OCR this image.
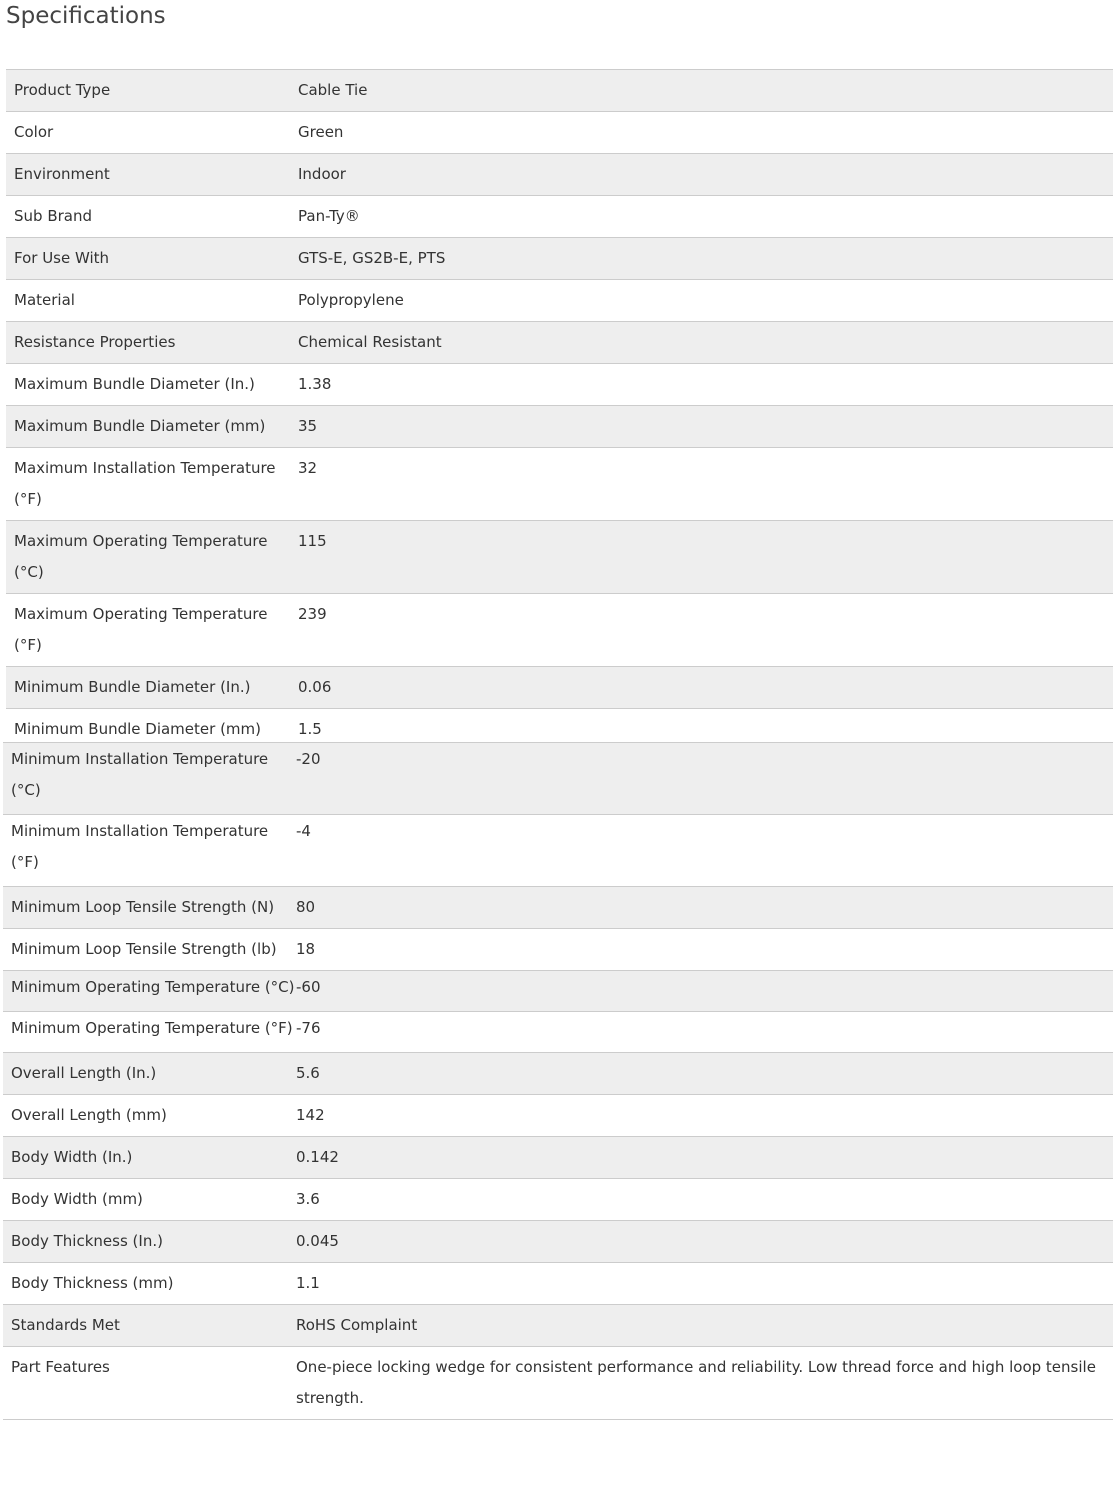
Specifications
Product Type	Cable Tie
Color	Green
Environment	Indoor
Sub Brand	Pan-Ty®
For Use With	GTS-E, GS2B-E, PTS
Material	Polypropylene
Resistance Properties	Chemical Resistant
Maximum Bundle Diameter (In.)	1.38
Maximum Bundle Diameter (mm)	35
Maximum Installation Temperature (°F)	32
Maximum Operating Temperature (°C)	115
Maximum Operating Temperature (°F)	239
Minimum Bundle Diameter (In.)	0.06
Minimum Bundle Diameter (mm)	1.5
Minimum Installation Temperature (°C)	-20
Minimum Installation Temperature (°F)	-4
Minimum Loop Tensile Strength (N)	80
Minimum Loop Tensile Strength (lb)	18
Minimum Operating Temperature (°C)	-60
Minimum Operating Temperature (°F)	-76
Overall Length (In.)	5.6
Overall Length (mm)	142
Body Width (In.)	0.142
Body Width (mm)	3.6
Body Thickness (In.)	0.045
Body Thickness (mm)	1.1
Standards Met	RoHS Complaint
Part Features	One-piece locking wedge for consistent performance and reliability. Low thread force and high loop tensile strength.
